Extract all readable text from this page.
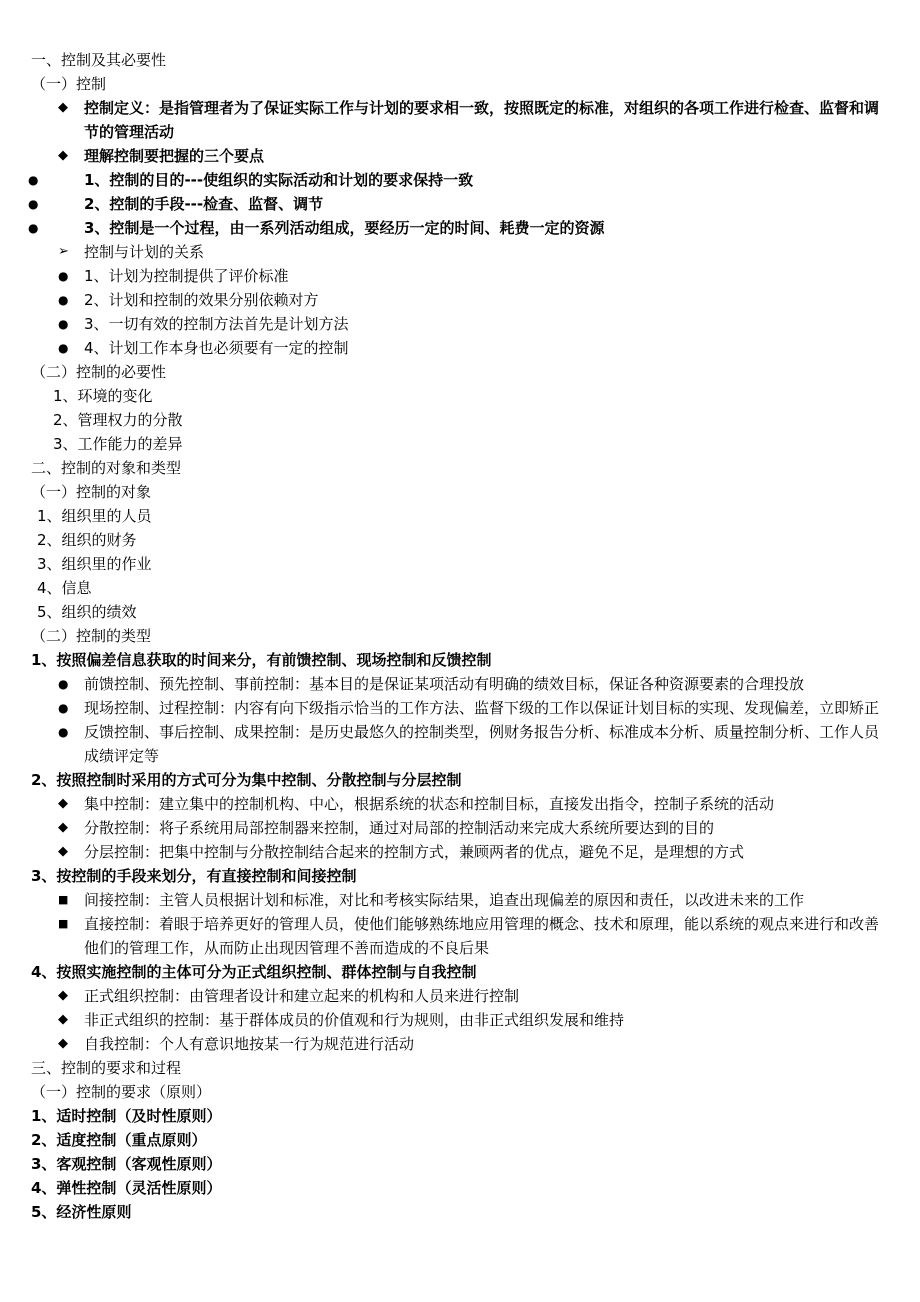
一、控制及其必要性
（一）控制
◆ 控制定义：是指管理者为了保证实际工作与计划的要求相一致，按照既定的标准，对组织的各项工作进行检查、监督和调节的管理活动
◆ 理解控制要把握的三个要点
●	1、控制的目的---使组织的实际活动和计划的要求保持一致
●	2、控制的手段---检查、监督、调节
●	3、控制是一个过程，由一系列活动组成，要经历一定的时间、耗费一定的资源
➢ 控制与计划的关系
● 1、计划为控制提供了评价标准
● 2、计划和控制的效果分别依赖对方
● 3、一切有效的控制方法首先是计划方法
● 4、计划工作本身也必须要有一定的控制
（二）控制的必要性
1、环境的变化
2、管理权力的分散
3、工作能力的差异
二、控制的对象和类型
（一）控制的对象
1、组织里的人员
2、组织的财务
3、组织里的作业
4、信息
5、组织的绩效
（二）控制的类型
1、按照偏差信息获取的时间来分，有前馈控制、现场控制和反馈控制
● 前馈控制、预先控制、事前控制：基本目的是保证某项活动有明确的绩效目标，保证各种资源要素的合理投放
● 现场控制、过程控制：内容有向下级指示恰当的工作方法、监督下级的工作以保证计划目标的实现、发现偏差，立即矫正
● 反馈控制、事后控制、成果控制：是历史最悠久的控制类型，例财务报告分析、标准成本分析、质量控制分析、工作人员成绩评定等
2、按照控制时采用的方式可分为集中控制、分散控制与分层控制
◆ 集中控制：建立集中的控制机构、中心，根据系统的状态和控制目标，直接发出指令，控制子系统的活动
◆ 分散控制：将子系统用局部控制器来控制，通过对局部的控制活动来完成大系统所要达到的目的
◆ 分层控制：把集中控制与分散控制结合起来的控制方式，兼顾两者的优点，避免不足，是理想的方式
3、按控制的手段来划分，有直接控制和间接控制
■ 间接控制：主管人员根据计划和标准，对比和考核实际结果，追查出现偏差的原因和责任，以改进未来的工作
■ 直接控制：着眼于培养更好的管理人员，使他们能够熟练地应用管理的概念、技术和原理，能以系统的观点来进行和改善他们的管理工作，从而防止出现因管理不善而造成的不良后果
4、按照实施控制的主体可分为正式组织控制、群体控制与自我控制
◆ 正式组织控制：由管理者设计和建立起来的机构和人员来进行控制
◆ 非正式组织的控制：基于群体成员的价值观和行为规则，由非正式组织发展和维持
◆ 自我控制：个人有意识地按某一行为规范进行活动
三、控制的要求和过程
（一）控制的要求（原则）
1、适时控制（及时性原则）
2、适度控制（重点原则）
3、客观控制（客观性原则）
4、弹性控制（灵活性原则）
5、经济性原则
